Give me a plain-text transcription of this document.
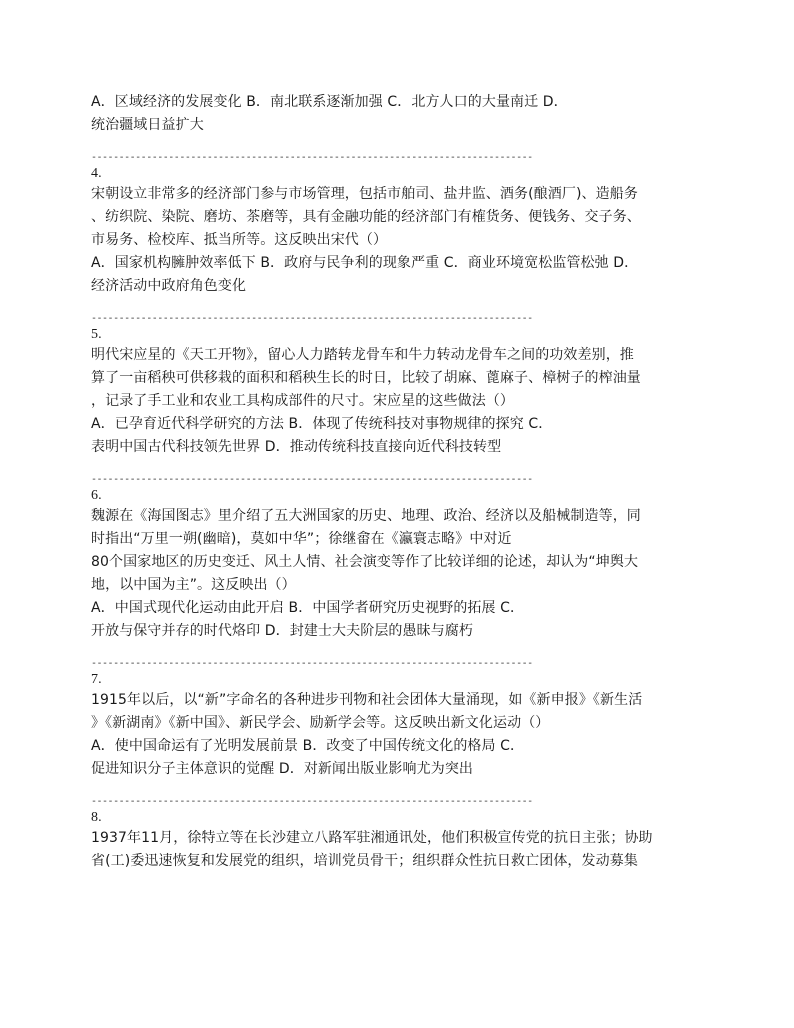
A．区域经济的发展变化 B．南北联系逐渐加强 C．北方人口的大量南迁 D．
统治疆域日益扩大
--------------------------------------------------------------------------------
4.
宋朝设立非常多的经济部门参与市场管理，包括市舶司、盐井监、酒务(酿酒厂)、造船务
、纺织院、染院、磨坊、茶磨等，具有金融功能的经济部门有榷货务、便钱务、交子务、
市易务、检校库、抵当所等。这反映出宋代（）
A．国家机构臃肿效率低下 B．政府与民争利的现象严重 C．商业环境宽松监管松弛 D．
经济活动中政府角色变化
--------------------------------------------------------------------------------
5.
明代宋应星的《天工开物》，留心人力踏转龙骨车和牛力转动龙骨车之间的功效差别，推
算了一亩稻秧可供移栽的面积和稻秧生长的时日，比较了胡麻、蓖麻子、樟树子的榨油量
，记录了手工业和农业工具构成部件的尺寸。宋应星的这些做法（）
A．已孕育近代科学研究的方法 B．体现了传统科技对事物规律的探究 C．
表明中国古代科技领先世界 D．推动传统科技直接向近代科技转型
--------------------------------------------------------------------------------
6.
魏源在《海国图志》里介绍了五大洲国家的历史、地理、政治、经济以及船械制造等，同
时指出“万里一朔(幽暗)，莫如中华”；徐继畲在《瀛寰志略》中对近
80个国家地区的历史变迁、风土人情、社会演变等作了比较详细的论述，却认为“坤舆大
地，以中国为主”。这反映出（）
A．中国式现代化运动由此开启 B．中国学者研究历史视野的拓展 C．
开放与保守并存的时代烙印 D．封建士大夫阶层的愚昧与腐朽
--------------------------------------------------------------------------------
7.
1915年以后，以“新”字命名的各种进步刊物和社会团体大量涌现，如《新申报》《新生活
》《新湖南》《新中国》、新民学会、励新学会等。这反映出新文化运动（）
A．使中国命运有了光明发展前景 B．改变了中国传统文化的格局 C．
促进知识分子主体意识的觉醒 D．对新闻出版业影响尤为突出
--------------------------------------------------------------------------------
8.
1937年11月，徐特立等在长沙建立八路军驻湘通讯处，他们积极宣传党的抗日主张；协助
省(工)委迅速恢复和发展党的组织，培训党员骨干；组织群众性抗日救亡团体，发动募集
